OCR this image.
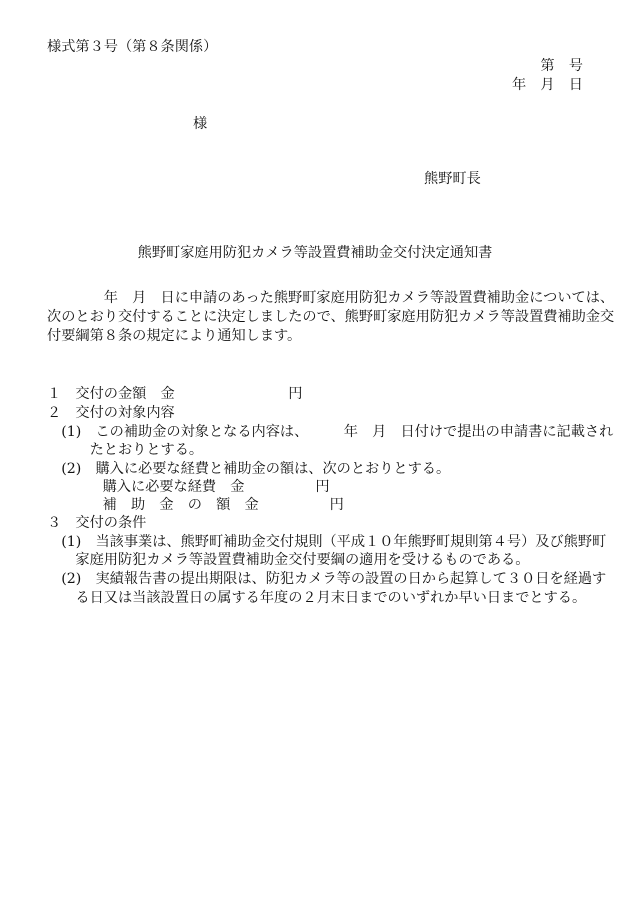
様式第３号（第８条関係）
第　号
年　月　日
様
熊野町長
熊野町家庭用防犯カメラ等設置費補助金交付決定通知書
　　　　年　月　日に申請のあった熊野町家庭用防犯カメラ等設置費補助金については、
次のとおり交付することに決定しましたので、熊野町家庭用防犯カメラ等設置費補助金交
付要綱第８条の規定により通知します。
１　交付の金額　金　　　　　　　　円
２　交付の対象内容
　(1)　この補助金の対象となる内容は、　　　年　月　日付けで提出の申請書に記載され
　　　たとおりとする。
　(2)　購入に必要な経費と補助金の額は、次のとおりとする。
　　　購入に必要な経費　金　　　　　円
　　　補　助　金　の　額　金　　　　　円
３　交付の条件
　(1)　当該事業は、熊野町補助金交付規則（平成１０年熊野町規則第４号）及び熊野町
　　家庭用防犯カメラ等設置費補助金交付要綱の適用を受けるものである。
　(2)　実績報告書の提出期限は、防犯カメラ等の設置の日から起算して３０日を経過す
　　る日又は当該設置日の属する年度の２月末日までのいずれか早い日までとする。
